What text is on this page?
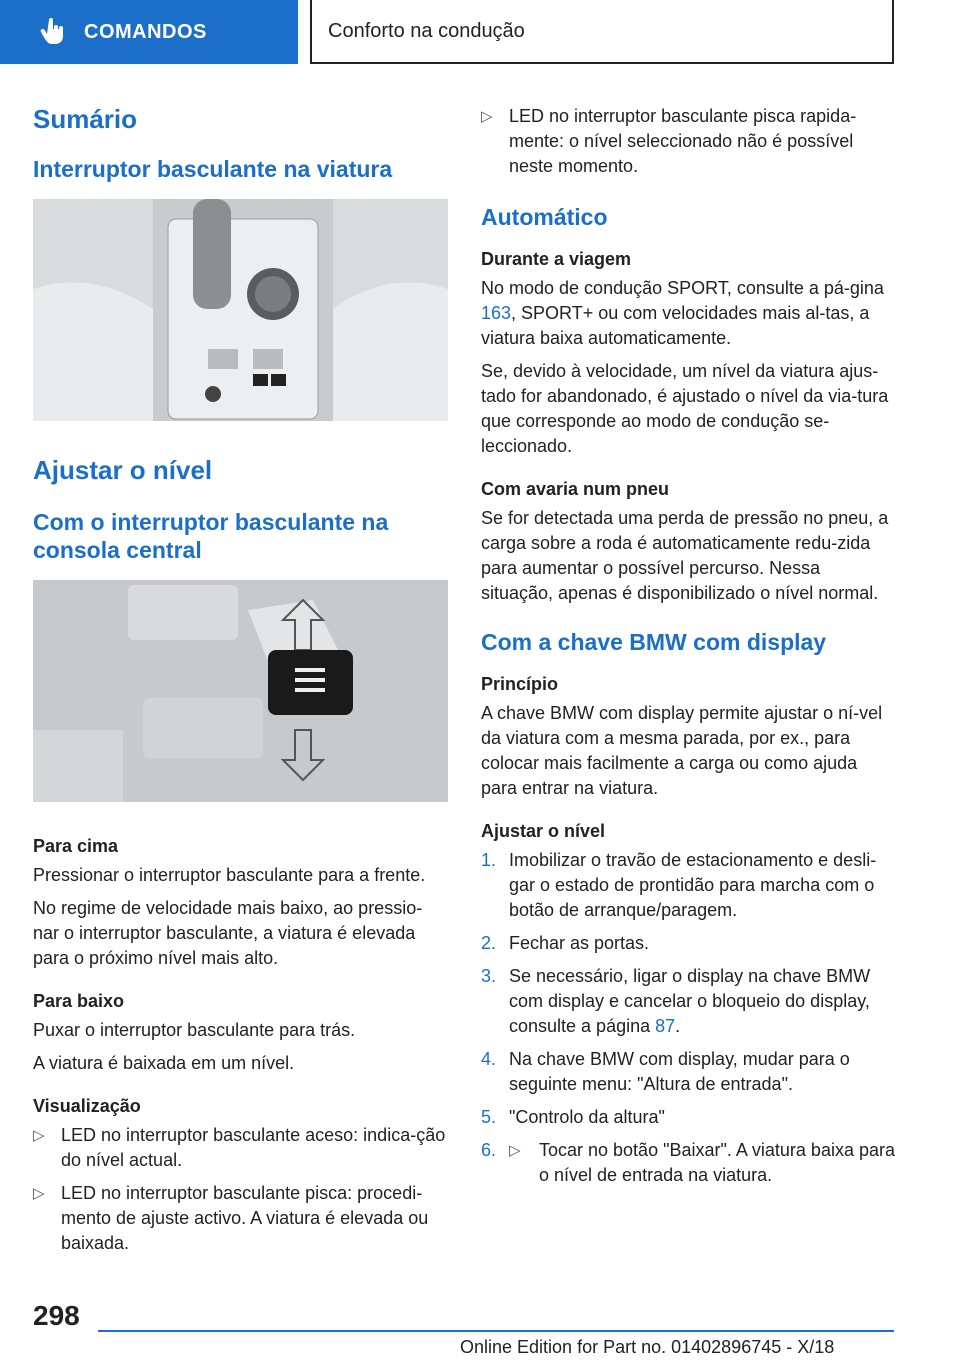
COMANDOS	Conforto na condução
Sumário
Interruptor basculante na viatura
Ajustar o nível
Com o interruptor basculante na consola central
Para cima

Pressionar o interruptor basculante para a frente.

No regime de velocidade mais baixo, ao pressio-nar o interruptor basculante, a viatura é elevada para o próximo nível mais alto.

Para baixo

Puxar o interruptor basculante para trás.

A viatura é baixada em um nível.

Visualização
▷ LED no interruptor basculante aceso: indica-ção do nível actual.
▷ LED no interruptor basculante pisca: procedi-mento de ajuste activo. A viatura é elevada ou baixada.
▷ LED no interruptor basculante pisca rapida-mente: o nível seleccionado não é possível neste momento.
Automático
Durante a viagem

No modo de condução SPORT, consulte a pá-gina 163, SPORT+ ou com velocidades mais al-tas, a viatura baixa automaticamente.

Se, devido à velocidade, um nível da viatura ajus-tado for abandonado, é ajustado o nível da via-tura que corresponde ao modo de condução se-leccionado.

Com avaria num pneu

Se for detectada uma perda de pressão no pneu, a carga sobre a roda é automaticamente redu-zida para aumentar o possível percurso. Nessa situação, apenas é disponibilizado o nível normal.

Com a chave BMW com display
Princípio

A chave BMW com display permite ajustar o ní-vel da viatura com a mesma parada, por ex., para colocar mais facilmente a carga ou como ajuda para entrar na viatura.

Ajustar o nível
1. Imobilizar o travão de estacionamento e desli-gar o estado de prontidão para marcha com o botão de arranque/paragem.
2. Fechar as portas.
3. Se necessário, ligar o display na chave BMW com display e cancelar o bloqueio do display, consulte a página 87.
4. Na chave BMW com display, mudar para o seguinte menu: "Altura de entrada".
5. "Controlo da altura"
6. ▷	Tocar no botão "Baixar". A viatura baixa para o nível de entrada na viatura.
298
Online Edition for Part no. 01402896745 - X/18
